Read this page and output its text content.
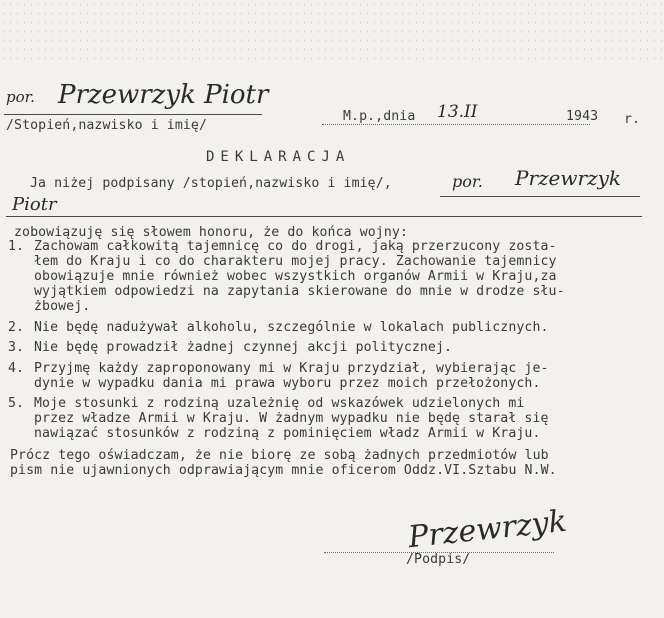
por. Przewrzyk Piotr
/Stopień,nazwisko i imię/
M.p.,dnia 13.II	1943 r.
DEKLARACJA
Ja niżej podpisany /stopień,nazwisko i imię/,	por. Przewrzyk
Piotr
zobowiązuję się słowem honoru, że do końca wojny:
1. Zachowam całkowitą tajemnicę co do drogi, jaką przerzucony zosta-
łem do Kraju i co do charakteru mojej pracy. Zachowanie tajemnicy
obowiązuje mnie również wobec wszystkich organów Armii w Kraju,za
wyjątkiem odpowiedzi na zapytania skierowane do mnie w drodze słu-
żbowej.
2. Nie będę nadużywał alkoholu, szczególnie w lokalach publicznych.
3. Nie będę prowadził żadnej czynnej akcji politycznej.
4. Przyjmę każdy zaproponowany mi w Kraju przydział, wybierając je-
dynie w wypadku dania mi prawa wyboru przez moich przełożonych.
5. Moje stosunki z rodziną uzależnię od wskazówek udzielonych mi
przez władze Armii w Kraju. W żadnym wypadku nie będę starał się
nawiązać stosunków z rodziną z pominięciem władz Armii w Kraju.
Prócz tego oświadczam, że nie biorę ze sobą żadnych przedmiotów lub
pism nie ujawnionych odprawiającym mnie oficerom Oddz.VI.Sztabu N.W.
Przewrzyk
/Podpis/
